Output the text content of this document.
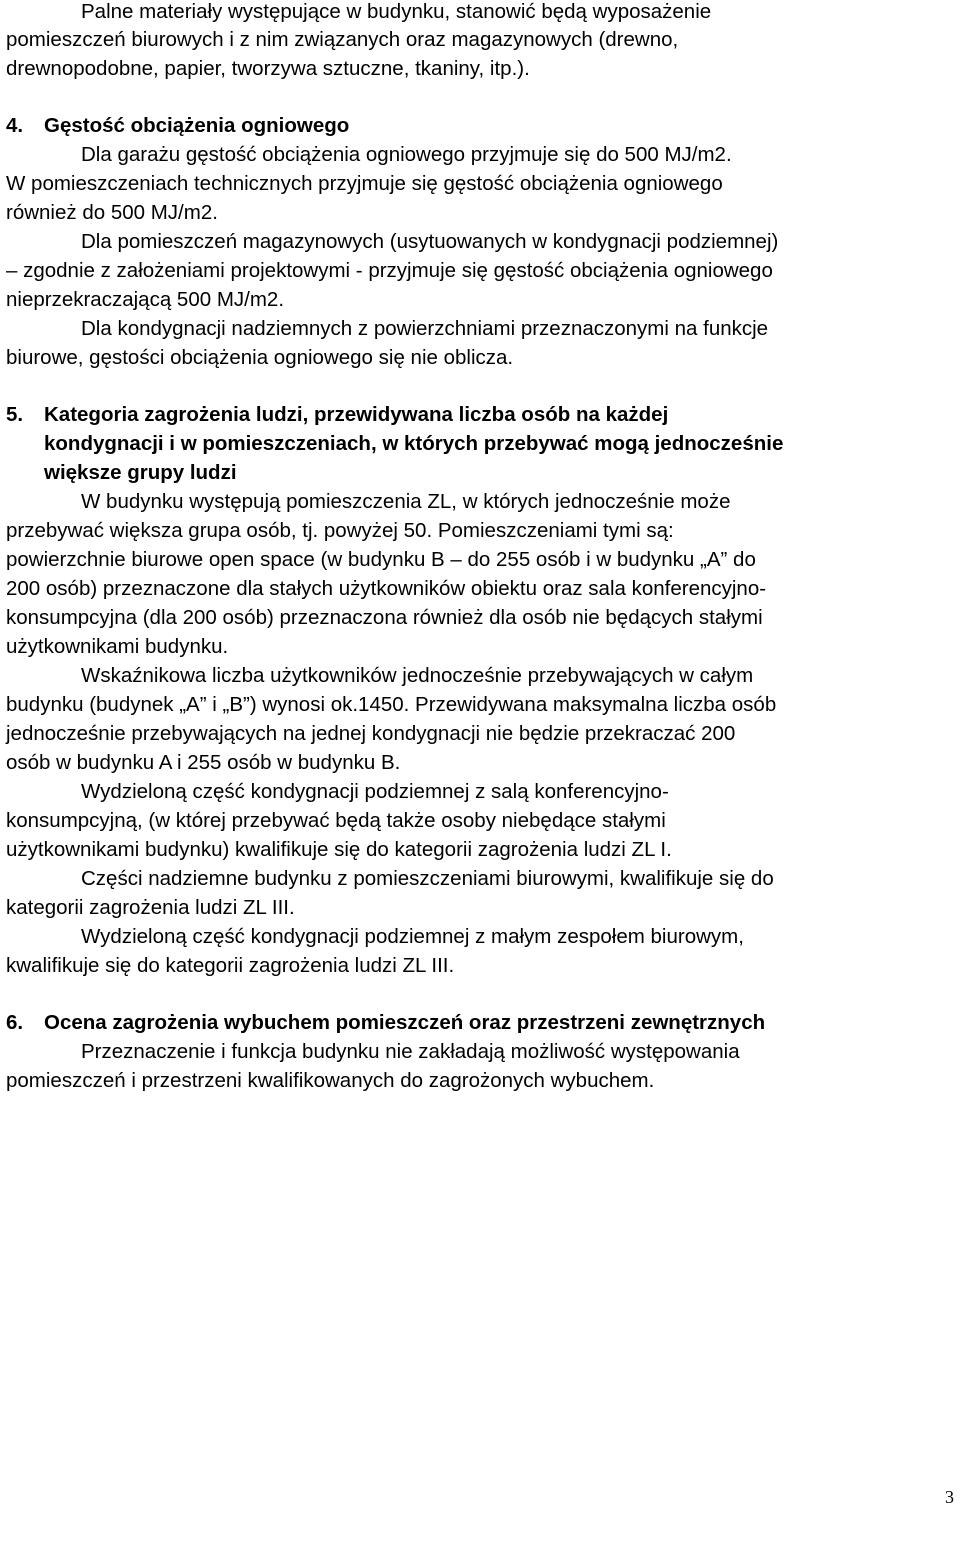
Palne materiały występujące w budynku, stanowić będą wyposażenie
pomieszczeń biurowych i z nim związanych oraz magazynowych (drewno,
drewnopodobne, papier, tworzywa sztuczne, tkaniny, itp.).
4. Gęstość obciążenia ogniowego
Dla garażu gęstość obciążenia ogniowego przyjmuje się do 500 MJ/m2.
W pomieszczeniach technicznych przyjmuje się gęstość obciążenia ogniowego
również do 500 MJ/m2.
Dla pomieszczeń magazynowych (usytuowanych w kondygnacji podziemnej)
– zgodnie z założeniami projektowymi - przyjmuje się gęstość obciążenia ogniowego
nieprzekraczającą 500 MJ/m2.
Dla kondygnacji nadziemnych z powierzchniami przeznaczonymi na funkcje
biurowe, gęstości obciążenia ogniowego się nie oblicza.
5. Kategoria zagrożenia ludzi, przewidywana liczba osób na każdej
kondygnacji i w pomieszczeniach, w których przebywać mogą jednocześnie
większe grupy ludzi
W budynku występują pomieszczenia ZL, w których jednocześnie może
przebywać większa grupa osób, tj. powyżej 50. Pomieszczeniami tymi są:
powierzchnie biurowe open space (w budynku B – do 255 osób i w budynku „A” do
200 osób) przeznaczone dla stałych użytkowników obiektu oraz sala konferencyjno-
konsumpcyjna (dla 200 osób) przeznaczona również dla osób nie będących stałymi
użytkownikami budynku.
Wskaźnikowa liczba użytkowników jednocześnie przebywających w całym
budynku (budynek „A” i „B”) wynosi ok.1450. Przewidywana maksymalna liczba osób
jednocześnie przebywających na jednej kondygnacji nie będzie przekraczać 200
osób w budynku A i 255 osób w budynku B.
Wydzieloną część kondygnacji podziemnej z salą konferencyjno-
konsumpcyjną, (w której przebywać będą także osoby niebędące stałymi
użytkownikami budynku) kwalifikuje się do kategorii zagrożenia ludzi ZL I.
Części nadziemne budynku z pomieszczeniami biurowymi, kwalifikuje się do
kategorii zagrożenia ludzi ZL III.
Wydzieloną część kondygnacji podziemnej z małym zespołem biurowym,
kwalifikuje się do kategorii zagrożenia ludzi ZL III.
6. Ocena zagrożenia wybuchem pomieszczeń oraz przestrzeni zewnętrznych
Przeznaczenie i funkcja budynku nie zakładają możliwość występowania
pomieszczeń i przestrzeni kwalifikowanych do zagrożonych wybuchem.
3
